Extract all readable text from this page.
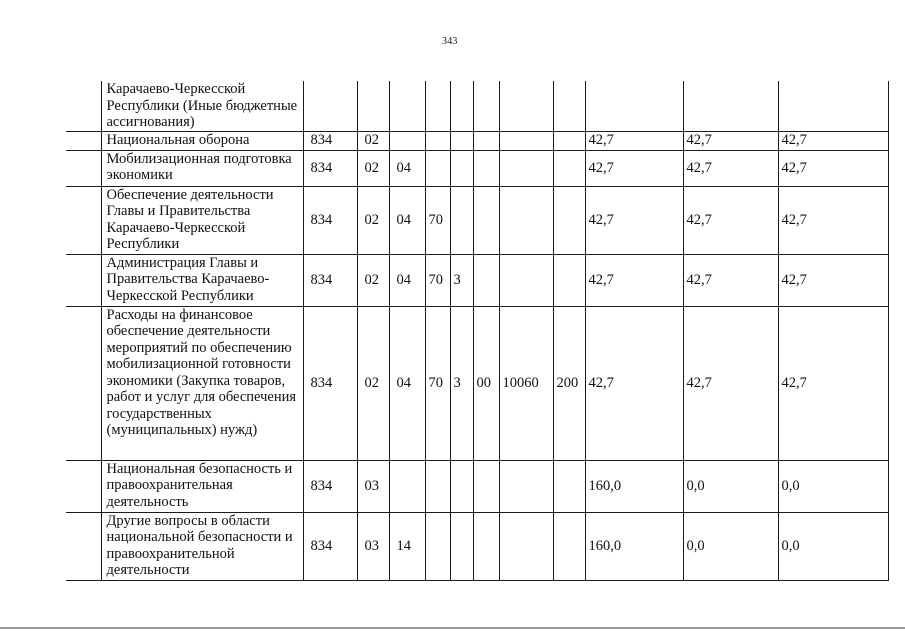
343
	Карачаево-Черкесской Республики (Иные бюджетные ассигнования)											
	Национальная оборона	834	02							42,7	42,7	42,7
	Мобилизационная подготовка экономики	834	02	04						42,7	42,7	42,7
	Обеспечение деятельности Главы и Правительства Карачаево-Черкесской Республики	834	02	04	70					42,7	42,7	42,7
	Администрация Главы и Правительства Карачаево-Черкесской Республики	834	02	04	70	3				42,7	42,7	42,7
	Расходы на финансовое обеспечение деятельности мероприятий по обеспечению мобилизационной готовности экономики (Закупка товаров, работ и услуг для обеспечения государственных (муниципальных) нужд)	834	02	04	70	3	00	10060	200	42,7	42,7	42,7
	Национальная безопасность и правоохранительная деятельность	834	03							160,0	0,0	0,0
	Другие вопросы в области национальной безопасности и правоохранительной деятельности	834	03	14						160,0	0,0	0,0
